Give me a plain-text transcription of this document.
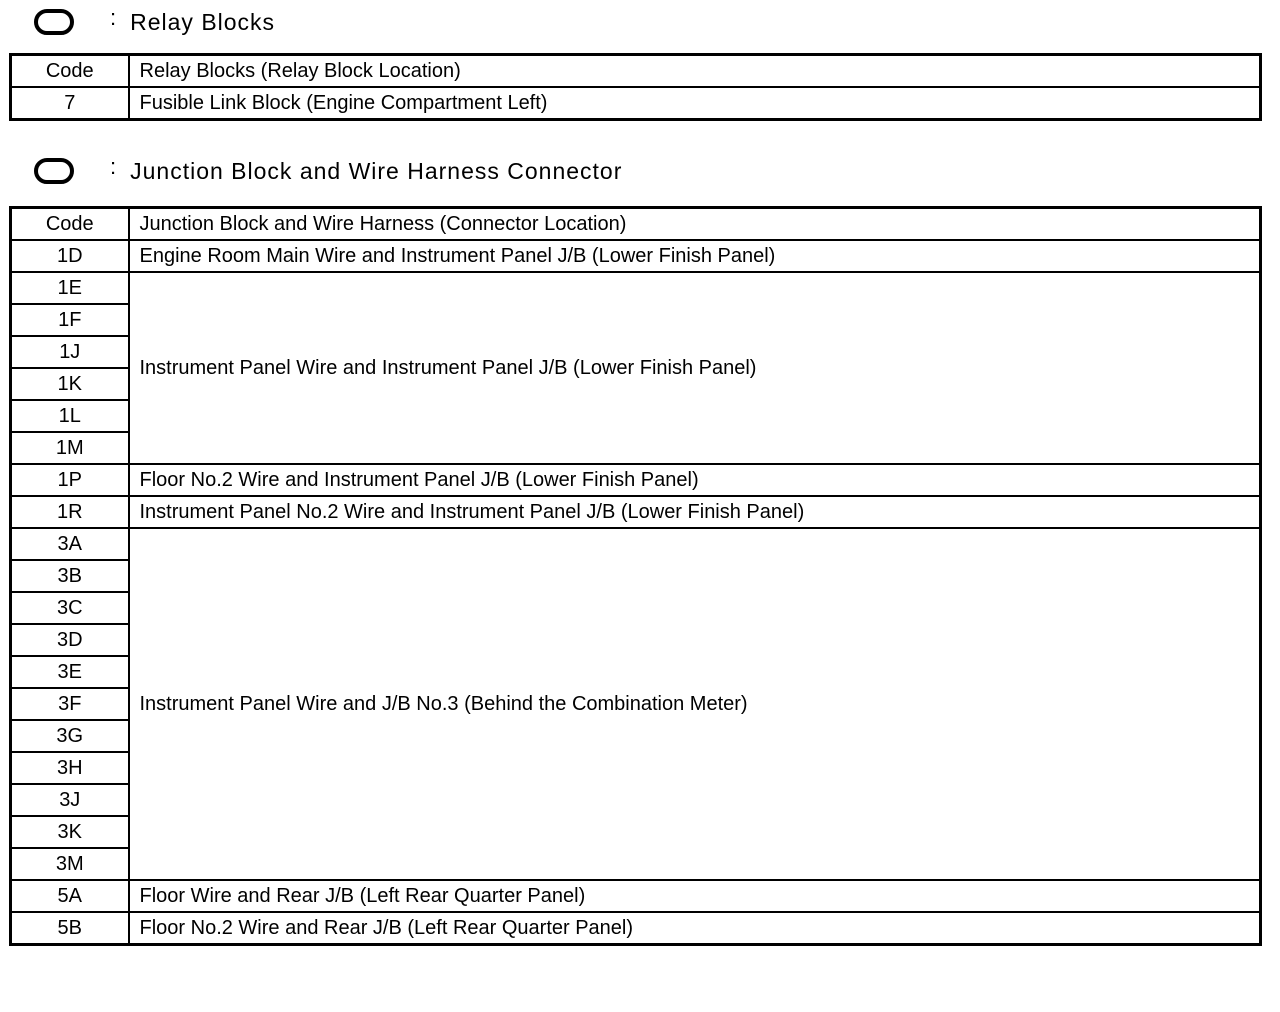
: Relay Blocks
Code	Relay Blocks (Relay Block Location)
7	Fusible Link Block (Engine Compartment Left)
: Junction Block and Wire Harness Connector
Code	Junction Block and Wire Harness (Connector Location)
1D	Engine Room Main Wire and Instrument Panel J/B (Lower Finish Panel)
1E	Instrument Panel Wire and Instrument Panel J/B (Lower Finish Panel)
1F	
1J	
1K	
1L	
1M	
1P	Floor No.2 Wire and Instrument Panel J/B (Lower Finish Panel)
1R	Instrument Panel No.2 Wire and Instrument Panel J/B (Lower Finish Panel)
3A	Instrument Panel Wire and J/B No.3 (Behind the Combination Meter)
3B	
3C	
3D	
3E	
3F	
3G	
3H	
3J	
3K	
3M	
5A	Floor Wire and Rear J/B (Left Rear Quarter Panel)
5B	Floor No.2 Wire and Rear J/B (Left Rear Quarter Panel)
